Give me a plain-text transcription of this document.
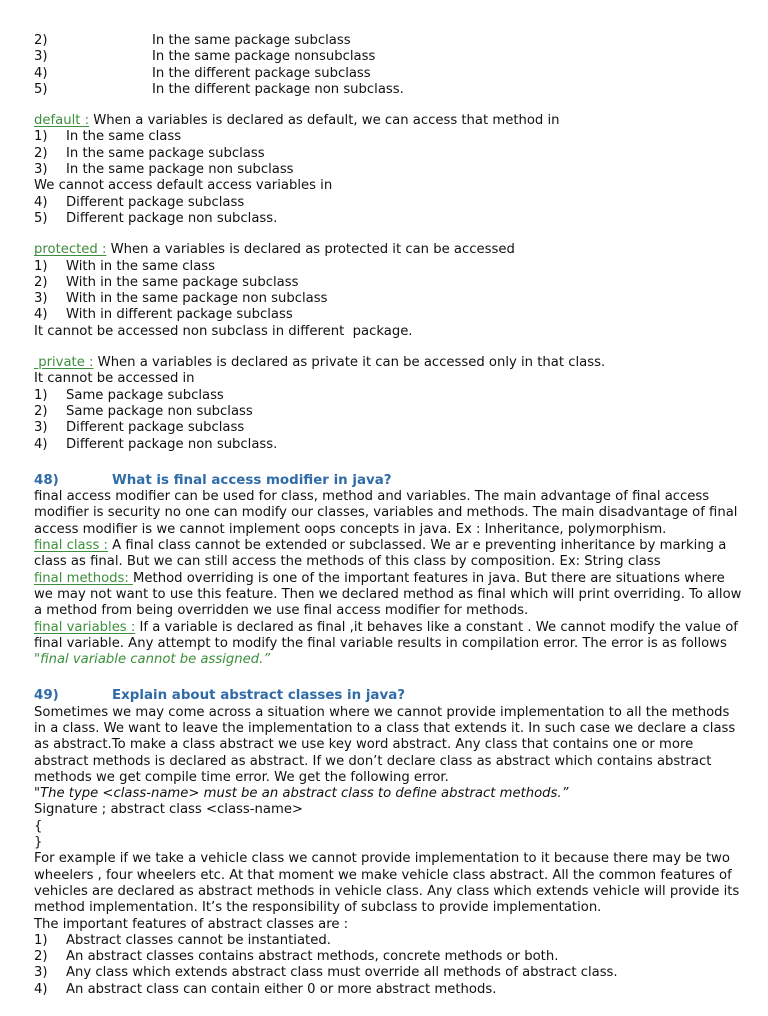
2)	In the same package subclass
3)	In the same package nonsubclass
4)	In the different package subclass
5)	In the different package non subclass.
default : When a variables is declared as default, we can access that method in
1)	In the same class
2)	In the same package subclass
3)	In the same package non subclass
We cannot access default access variables in
4)	Different package subclass
5)	Different package non subclass.
protected : When a variables is declared as protected it can be accessed
1)	With in the same class
2)	With in the same package subclass
3)	With in the same package non subclass
4)	With in different package subclass
It cannot be accessed non subclass in different  package.
private : When a variables is declared as private it can be accessed only in that class.
It cannot be accessed in
1)	Same package subclass
2)	Same package non subclass
3)	Different package subclass
4)	Different package non subclass.
48)	What is final access modifier in java?
final access modifier can be used for class, method and variables. The main advantage of final access modifier is security no one can modify our classes, variables and methods. The main disadvantage of final access modifier is we cannot implement oops concepts in java. Ex : Inheritance, polymorphism.
final class : A final class cannot be extended or subclassed. We ar e preventing inheritance by marking a class as final. But we can still access the methods of this class by composition. Ex: String class
final methods: Method overriding is one of the important features in java. But there are situations where we may not want to use this feature. Then we declared method as final which will print overriding. To allow a method from being overridden we use final access modifier for methods.
final variables : If a variable is declared as final ,it behaves like a constant . We cannot modify the value of final variable. Any attempt to modify the final variable results in compilation error. The error is as follows
"final variable cannot be assigned.”
49)	Explain about abstract classes in java?
Sometimes we may come across a situation where we cannot provide implementation to all the methods in a class. We want to leave the implementation to a class that extends it. In such case we declare a class as abstract.To make a class abstract we use key word abstract. Any class that contains one or more abstract methods is declared as abstract. If we don’t declare class as abstract which contains abstract methods we get compile time error. We get the following error.
"The type <class-name> must be an abstract class to define abstract methods.”
Signature ; abstract class <class-name>
{
}
For example if we take a vehicle class we cannot provide implementation to it because there may be two wheelers , four wheelers etc. At that moment we make vehicle class abstract. All the common features of vehicles are declared as abstract methods in vehicle class. Any class which extends vehicle will provide its method implementation. It’s the responsibility of subclass to provide implementation.
The important features of abstract classes are :
1)	Abstract classes cannot be instantiated.
2)	An abstract classes contains abstract methods, concrete methods or both.
3)	Any class which extends abstract class must override all methods of abstract class.
4)	An abstract class can contain either 0 or more abstract methods.
